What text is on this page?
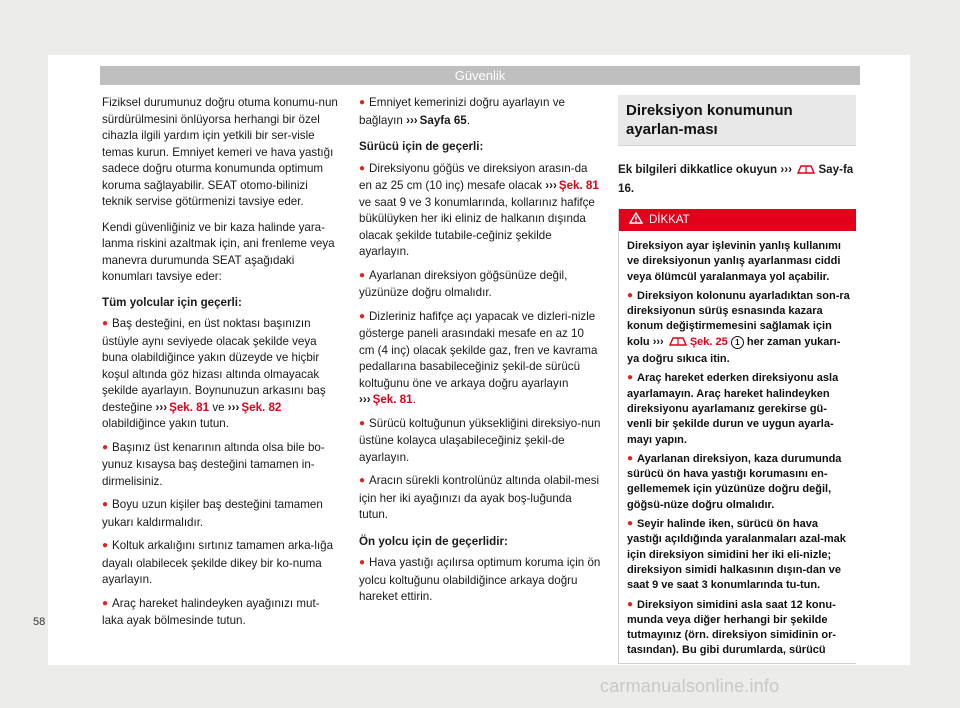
Güvenlik

Fiziksel durumunuz doğru otuma konumu-nun sürdürülmesini önlüyorsa herhangi bir özel cihazla ilgili yardım için yetkili bir ser-visle temas kurun. Emniyet kemeri ve hava yastığı sadece doğru oturma konumunda optimum koruma sağlayabilir. SEAT otomo-bilinizi teknik servise götürmenizi tavsiye eder.

Kendi güvenliğiniz ve bir kaza halinde yara-lanma riskini azaltmak için, ani frenleme veya manevra durumunda SEAT aşağıdaki konumları tavsiye eder:

Tüm yolcular için geçerli:
● Baş desteğini, en üst noktası başınızın üstüyle aynı seviyede olacak şekilde veya buna olabildiğince yakın düzeyde ve hiçbir koşul altında göz hizası altında olmayacak şekilde ayarlayın. Boynunuzun arkasını baş desteğine ››› Şek. 81 ve ››› Şek. 82 olabildiğince yakın tutun.
● Başınız üst kenarının altında olsa bile bo-yunuz kısaysa baş desteğini tamamen in-dirmelisiniz.
● Boyu uzun kişiler baş desteğini tamamen yukarı kaldırmalıdır.
● Koltuk arkalığını sırtınız tamamen arka-lığa dayalı olabilecek şekilde dikey bir ko-numa ayarlayın.
● Araç hareket halindeyken ayağınızı mut-laka ayak bölmesinde tutun.
● Emniyet kemerinizi doğru ayarlayın ve bağlayın ››› Sayfa 65.
Sürücü için de geçerli:
● Direksiyonu göğüs ve direksiyon arasın-da en az 25 cm (10 inç) mesafe olacak ››› Şek. 81 ve saat 9 ve 3 konumlarında, kollarınız hafifçe bükülüyken her iki eliniz de halkanın dışında olacak şekilde tutabile-ceğiniz şekilde ayarlayın.
● Ayarlanan direksiyon göğsünüze değil, yüzünüze doğru olmalıdır.
● Dizleriniz hafifçe açı yapacak ve dizleri-nizle gösterge paneli arasındaki mesafe en az 10 cm (4 inç) olacak şekilde gaz, fren ve kavrama pedallarına basabileceğiniz şekil-de sürücü koltuğunu öne ve arkaya doğru ayarlayın ››› Şek. 81.
● Sürücü koltuğunun yüksekliğini direksiyo-nun üstüne kolayca ulaşabileceğiniz şekil-de ayarlayın.
● Aracın sürekli kontrolünüz altında olabil-mesi için her iki ayağınızı da ayak boş-luğunda tutun.
Ön yolcu için de geçerlidir:
● Hava yastığı açılırsa optimum koruma için ön yolcu koltuğunu olabildiğince arkaya doğru hareket ettirin.
Direksiyon konumunun ayarlan-ması

Ek bilgileri dikkatlice okuyun ››› Say-fa 16.

DİKKAT

Direksiyon ayar işlevinin yanlış kullanımı ve direksiyonun yanlış ayarlanması ciddi veya ölümcül yaralanmaya yol açabilir.

● Direksiyon kolonunu ayarladıktan son-ra direksiyonun sürüş esnasında kazara konum değiştirmemesini sağlamak için kolu ››› Şek. 25 1 her zaman yukarı-ya doğru sıkıca itin.

● Araç hareket ederken direksiyonu asla ayarlamayın. Araç hareket halindeyken direksiyonu ayarlamanız gerekirse gü-venli bir şekilde durun ve uygun ayarla-mayı yapın.

● Ayarlanan direksiyon, kaza durumunda sürücü ön hava yastığı korumasını en-gellememek için yüzünüze doğru değil, göğsü-nüze doğru olmalıdır.

● Seyir halinde iken, sürücü ön hava yastığı açıldığında yaralanmaları azal-mak için direksiyon simidini her iki eli-nizle; direksiyon simidi halkasının dışın-dan ve saat 9 ve saat 3 konumlarında tu-tun.

● Direksiyon simidini asla saat 12 konu-munda veya diğer herhangi bir şekilde tutmayınız (örn. direksiyon simidinin or-tasından). Bu gibi durumlarda, sürücü

58
carmanualsonline.info
